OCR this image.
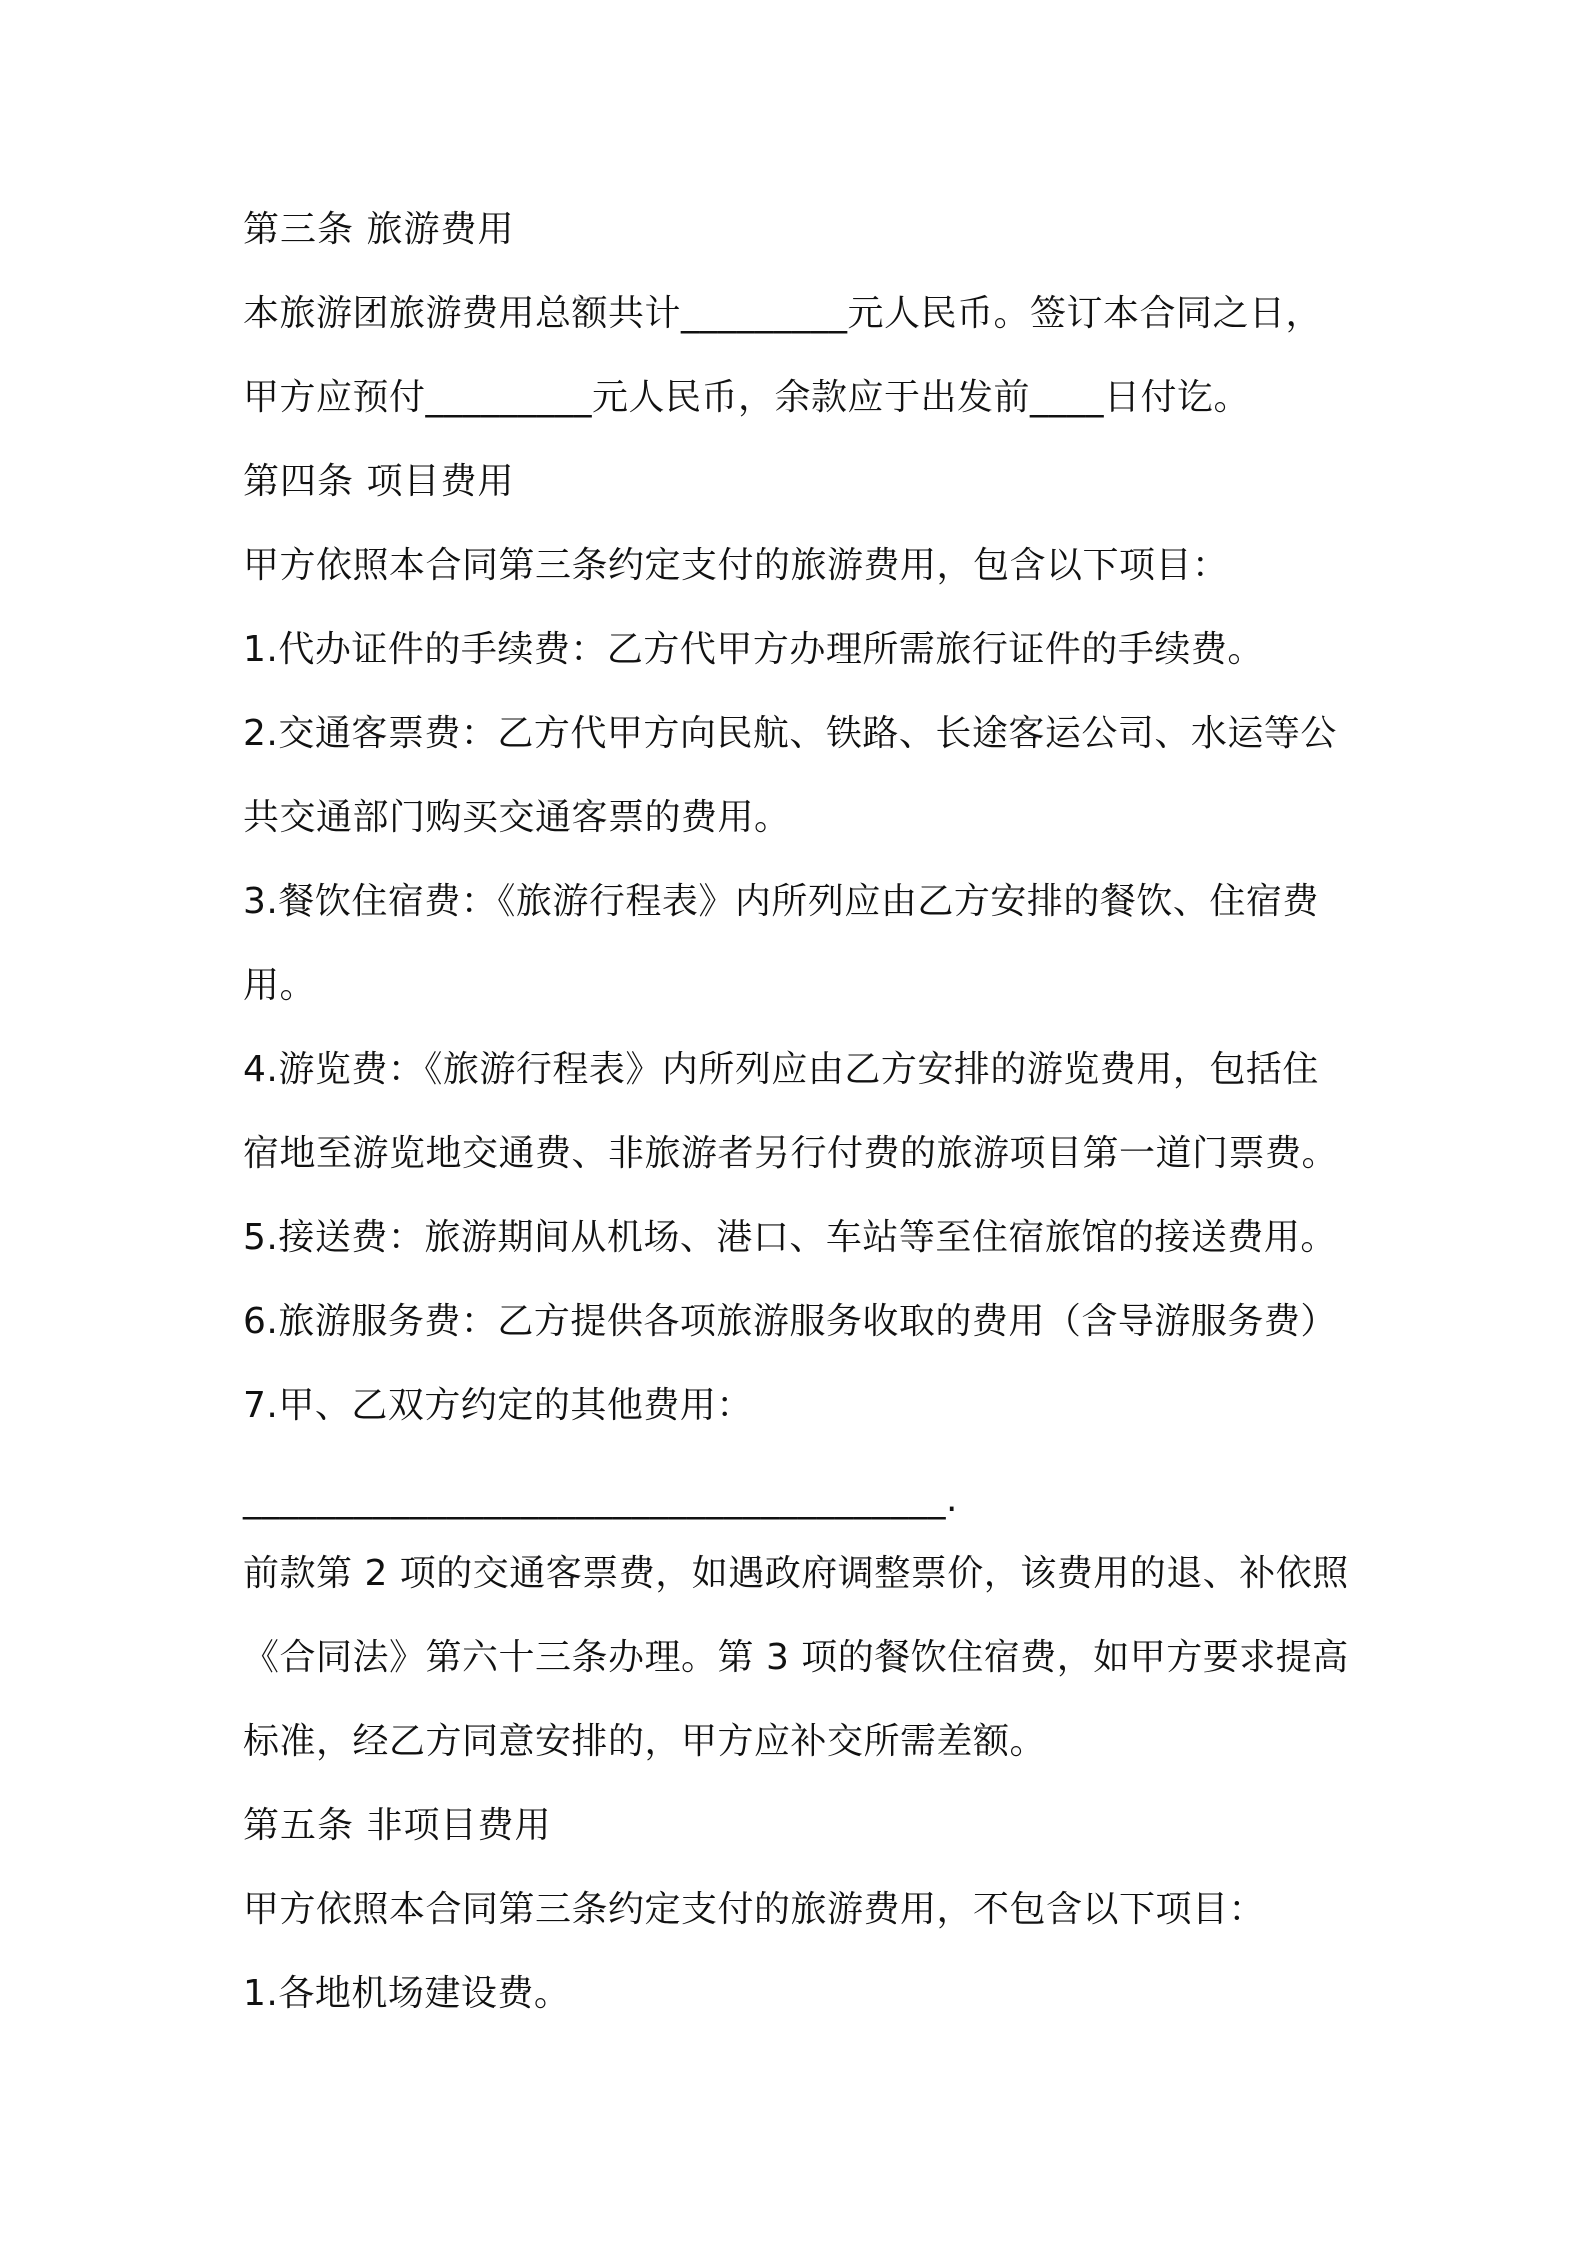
第三条 旅游费用
本旅游团旅游费用总额共计_________元人民币。签订本合同之日，
甲方应预付_________元人民币，余款应于出发前____日付讫。
第四条 项目费用
甲方依照本合同第三条约定支付的旅游费用，包含以下项目：
1.代办证件的手续费：乙方代甲方办理所需旅行证件的手续费。
2.交通客票费：乙方代甲方向民航、铁路、长途客运公司、水运等公
共交通部门购买交通客票的费用。
3.餐饮住宿费：《旅游行程表》内所列应由乙方安排的餐饮、住宿费
用。
4.游览费：《旅游行程表》内所列应由乙方安排的游览费用，包括住
宿地至游览地交通费、非旅游者另行付费的旅游项目第一道门票费。
5.接送费：旅游期间从机场、港口、车站等至住宿旅馆的接送费用。
6.旅游服务费：乙方提供各项旅游服务收取的费用（含导游服务费）
7.甲、乙双方约定的其他费用：
______________________________________.
前款第 2 项的交通客票费，如遇政府调整票价，该费用的退、补依照
《合同法》第六十三条办理。第 3 项的餐饮住宿费，如甲方要求提高
标准，经乙方同意安排的，甲方应补交所需差额。
第五条 非项目费用
甲方依照本合同第三条约定支付的旅游费用，不包含以下项目：
1.各地机场建设费。
